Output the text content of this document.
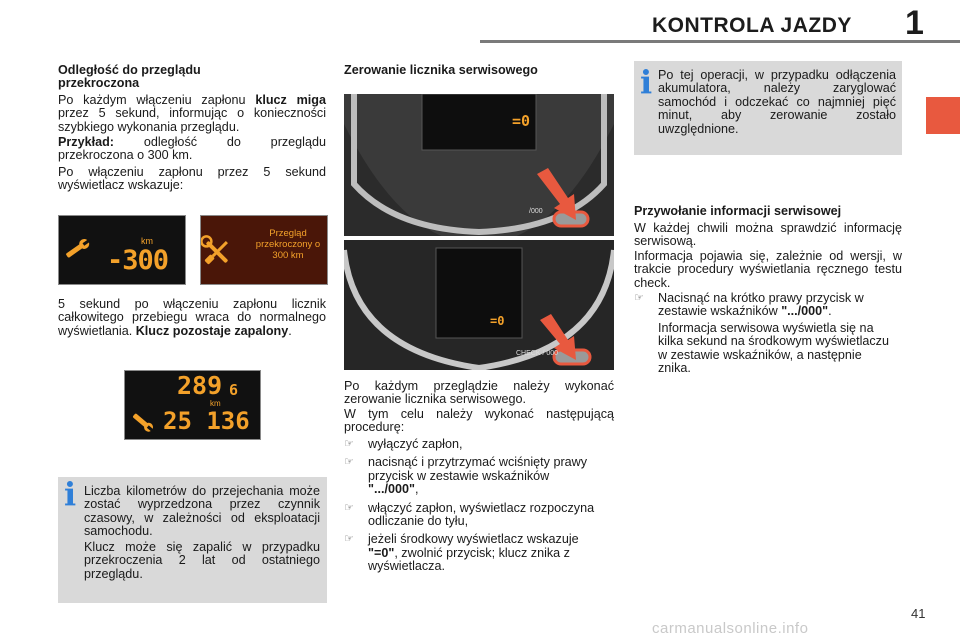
KONTROLA JAZDY 1
Odległość do przeglądu przekroczona

Po każdym włączeniu zapłonu klucz miga przez 5 sekund, informując o konieczności szybkiego wykonania przeglądu.

Przykład: odległość do przeglądu przekroczona o 300 km.

Po włączeniu zapłonu przez 5 sekund wyświetlacz wskazuje:

km
-300
Przegląd
przekroczony o
300 km

5 sekund po włączeniu zapłonu licznik całkowitego przebiegu wraca do normalnego wyświetlania. Klucz pozostaje zapalony.

289 6
km
25 136
i Liczba kilometrów do przejechania może zostać wyprzedzona przez czynnik czasowy, w zależności od eksploatacji samochodu.

Klucz może się zapalić w przypadku przekroczenia 2 lat od ostatniego przeglądu.

Zerowanie licznika serwisowego
=0
/000
=0
CHECK / 000

Po każdym przeglądzie należy wykonać zerowanie licznika serwisowego.

W tym celu należy wykonać następującą procedurę:

☞	wyłączyć zapłon,
☞	nacisnąć i przytrzymać wciśnięty prawy przycisk w zestawie wskaźników ".../000",
☞	włączyć zapłon, wyświetlacz rozpoczyna odliczanie do tyłu,
☞	jeżeli środkowy wyświetlacz wskazuje "=0", zwolnić przycisk; klucz znika z wyświetlacza.
i Po tej operacji, w przypadku odłączenia akumulatora, należy zaryglować samochód i odczekać co najmniej pięć minut, aby zerowanie zostało uwzględnione.

Przywołanie informacji serwisowej

W każdej chwili można sprawdzić informację serwisową.

Informacja pojawia się, zależnie od wersji, w trakcie procedury wyświetlania ręcznego testu check.

☞	Nacisnąć na krótko prawy przycisk w zestawie wskaźników ".../000".

Informacja serwisowa wyświetla się na kilka sekund na środkowym wyświetlaczu w zestawie wskaźników, a następnie znika.

41
carmanualsonline.info
